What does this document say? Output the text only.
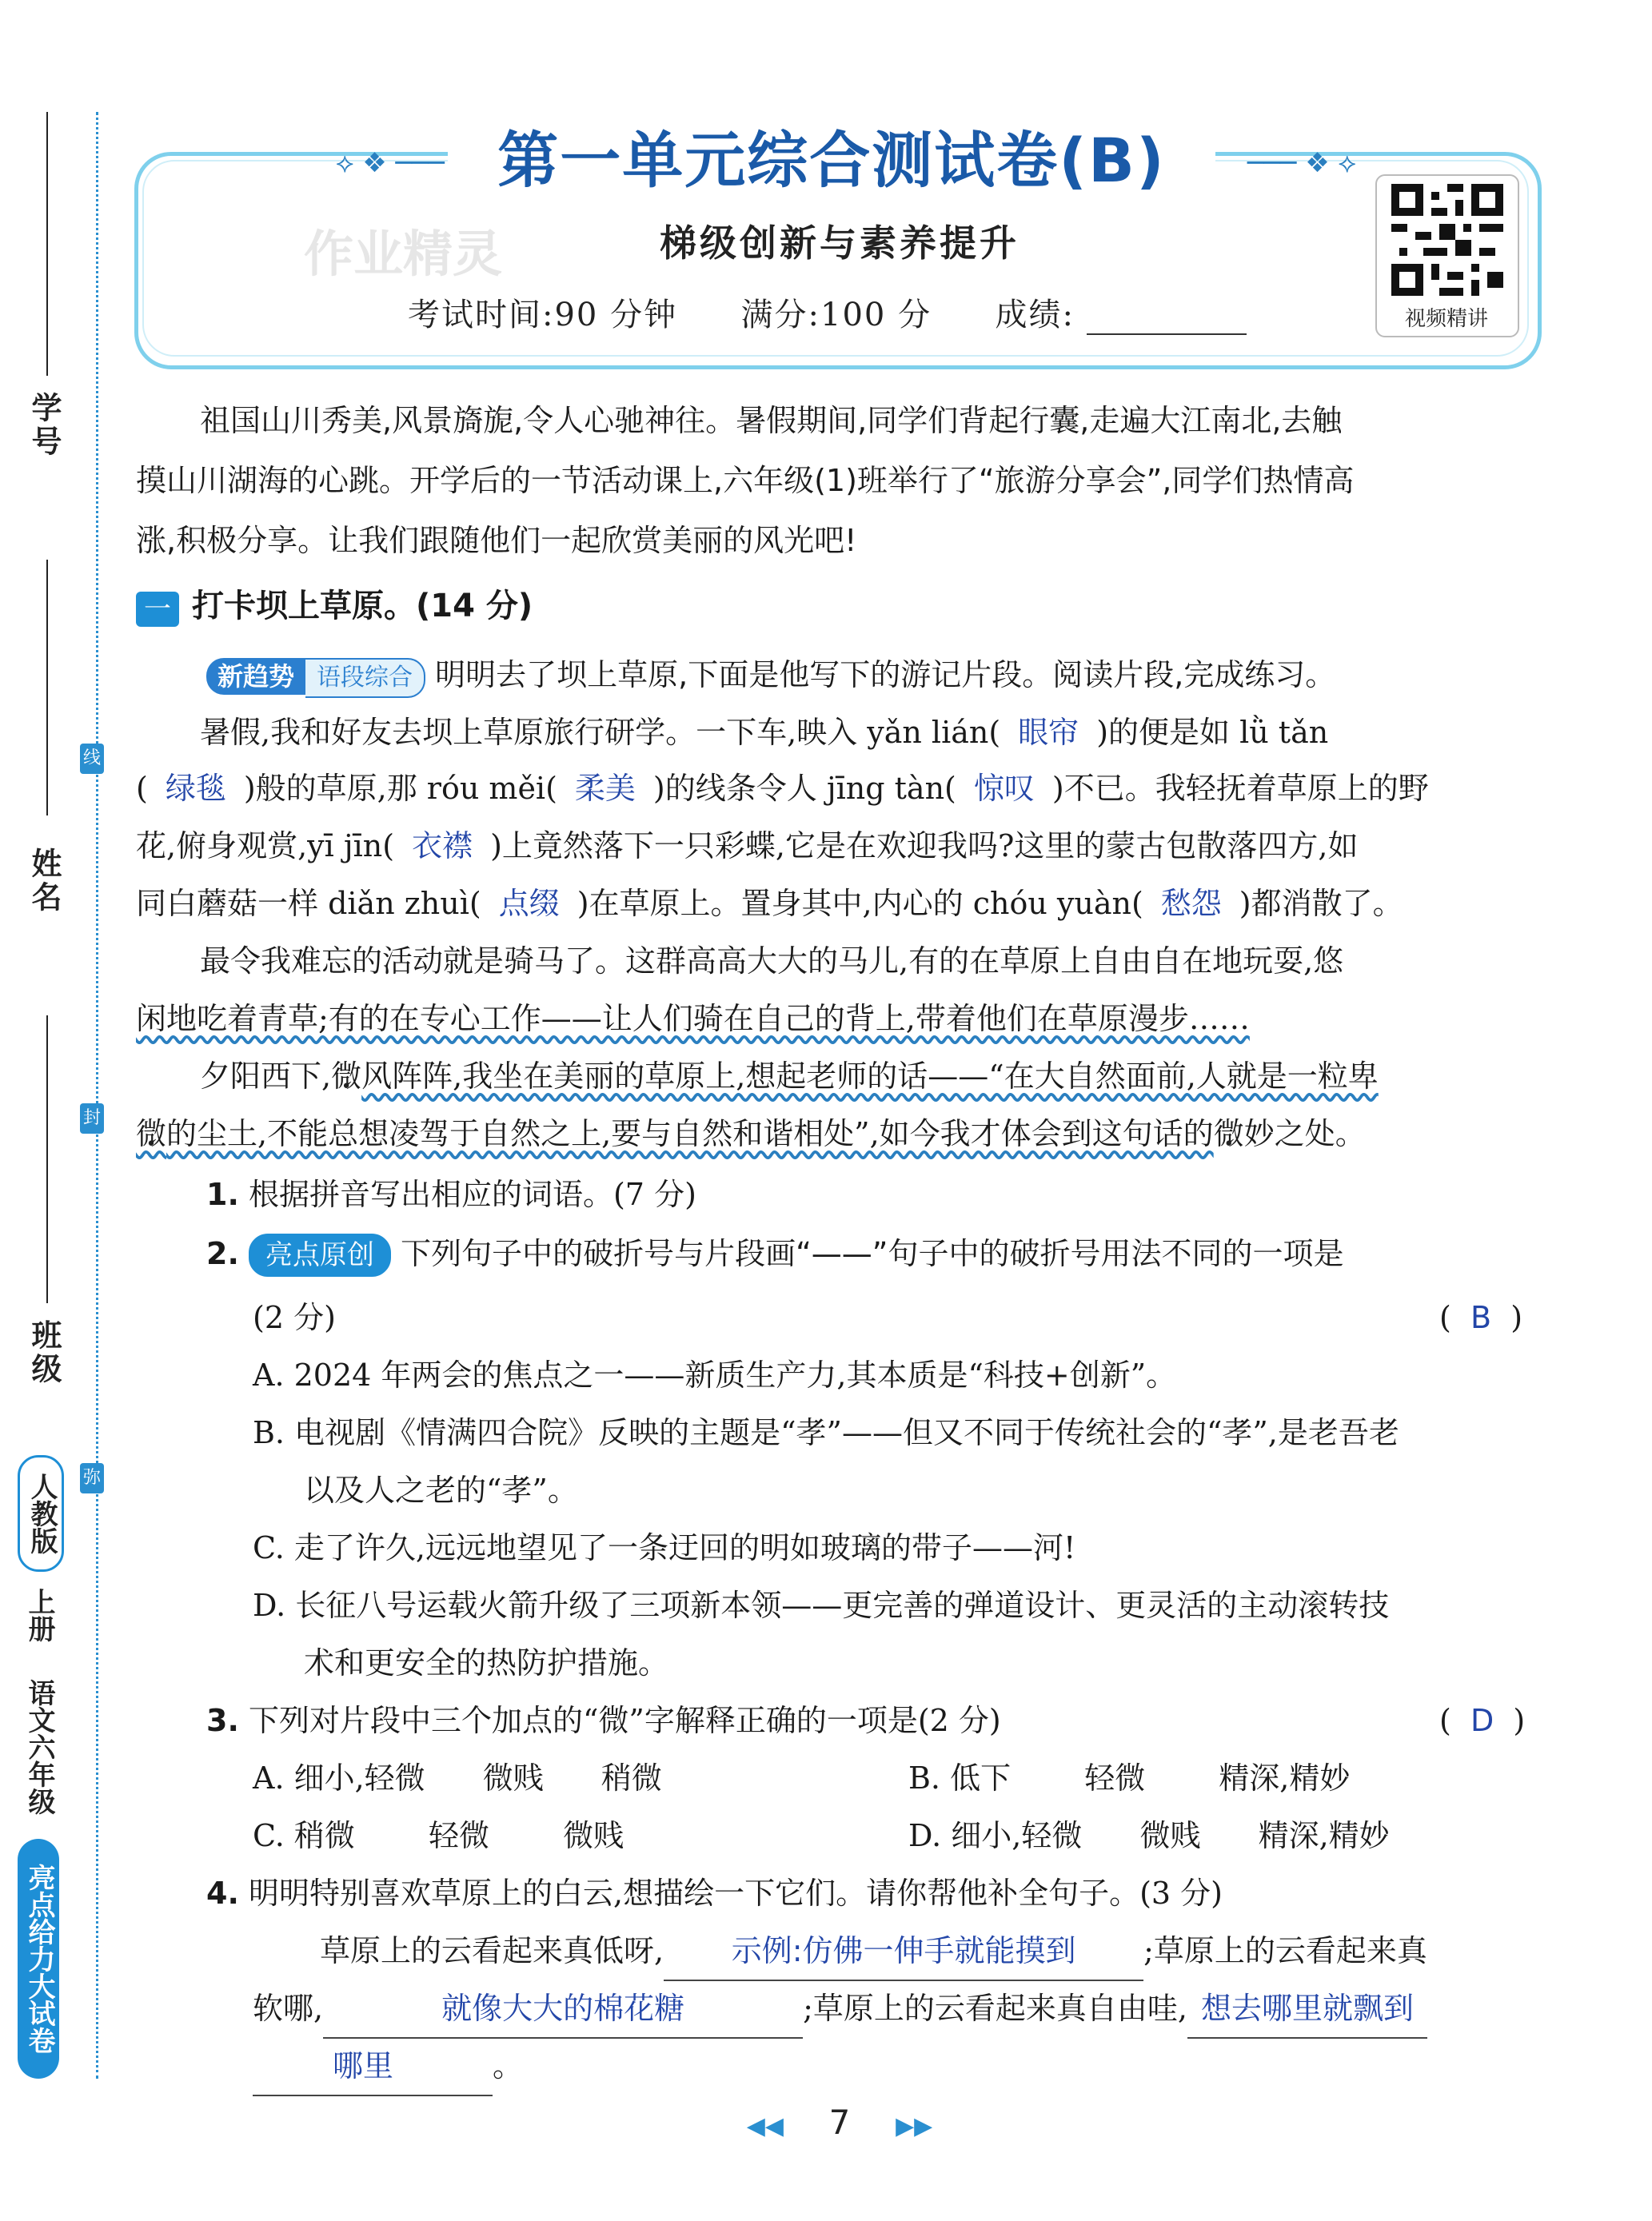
学号
姓名
班级
线
封
弥
亮点给力大试卷
语文六年级
上册
人教版
⟡ ❖ ───	─── ❖ ⟡
第一单元综合测试卷(B)
作业精灵	梯级创新与素养提升
考试时间:90 分钟 满分:100 分 成绩:	视频精讲
祖国山川秀美,风景旖旎,令人心驰神往。暑假期间,同学们背起行囊,走遍大江南北,去触
摸山川湖海的心跳。开学后的一节活动课上,六年级(1)班举行了“旅游分享会”,同学们热情高
涨,积极分享。让我们跟随他们一起欣赏美丽的风光吧!
一 打卡坝上草原。(14 分)
新趋势 语段综合 明明去了坝上草原,下面是他写下的游记片段。阅读片段,完成练习。
暑假,我和好友去坝上草原旅行研学。一下车,映入 yǎn lián( 眼帘 )的便是如 lǜ tǎn
( 绿毯 )般的草原,那 róu měi( 柔美 )的线条令人 jīng tàn( 惊叹 )不已。我轻抚着草原上的野
花,俯身观赏,yī jīn( 衣襟 )上竟然落下一只彩蝶,它是在欢迎我吗?这里的蒙古包散落四方,如
同白蘑菇一样 diǎn zhuì( 点缀 )在草原上。置身其中,内心的 chóu yuàn( 愁怨 )都消散了。
最令我难忘的活动就是骑马了。这群高高大大的马儿,有的在草原上自由自在地玩耍,悠
闲地吃着青草;有的在专心工作——让人们骑在自己的背上,带着他们在草原漫步……
夕阳西下,微风阵阵,我坐在美丽的草原上,想起老师的话——“在大自然面前,人就是一粒卑
微的尘土,不能总想凌驾于自然之上,要与自然和谐相处”,如今我才体会到这句话的微妙之处。
1. 根据拼音写出相应的词语。(7 分)
2. 亮点原创 下列句子中的破折号与片段画“——”句子中的破折号用法不同的一项是
(2 分)	(  B  )
A. 2024 年两会的焦点之一——新质生产力,其本质是“科技+创新”。
B. 电视剧《情满四合院》反映的主题是“孝”——但又不同于传统社会的“孝”,是老吾老
以及人之老的“孝”。
C. 走了许久,远远地望见了一条迂回的明如玻璃的带子——河!
D. 长征八号运载火箭升级了三项新本领——更完善的弹道设计、更灵活的主动滚转技
术和更安全的热防护措施。
3. 下列对片段中三个加点的“微”字解释正确的一项是(2 分)	(  D  )
A. 细小,轻微 微贱 稍微	B. 低下 轻微 精深,精妙
C. 稍微 轻微 微贱	D. 细小,轻微 微贱 精深,精妙
4. 明明特别喜欢草原上的白云,想描绘一下它们。请你帮他补全句子。(3 分)
草原上的云看起来真低呀, 示例:仿佛一伸手就能摸到 ;草原上的云看起来真
软哪,	就像大大的棉花糖	;草原上的云看起来真自由哇, 想去哪里就飘到
哪里	。
◀◀ 7 ▶▶
